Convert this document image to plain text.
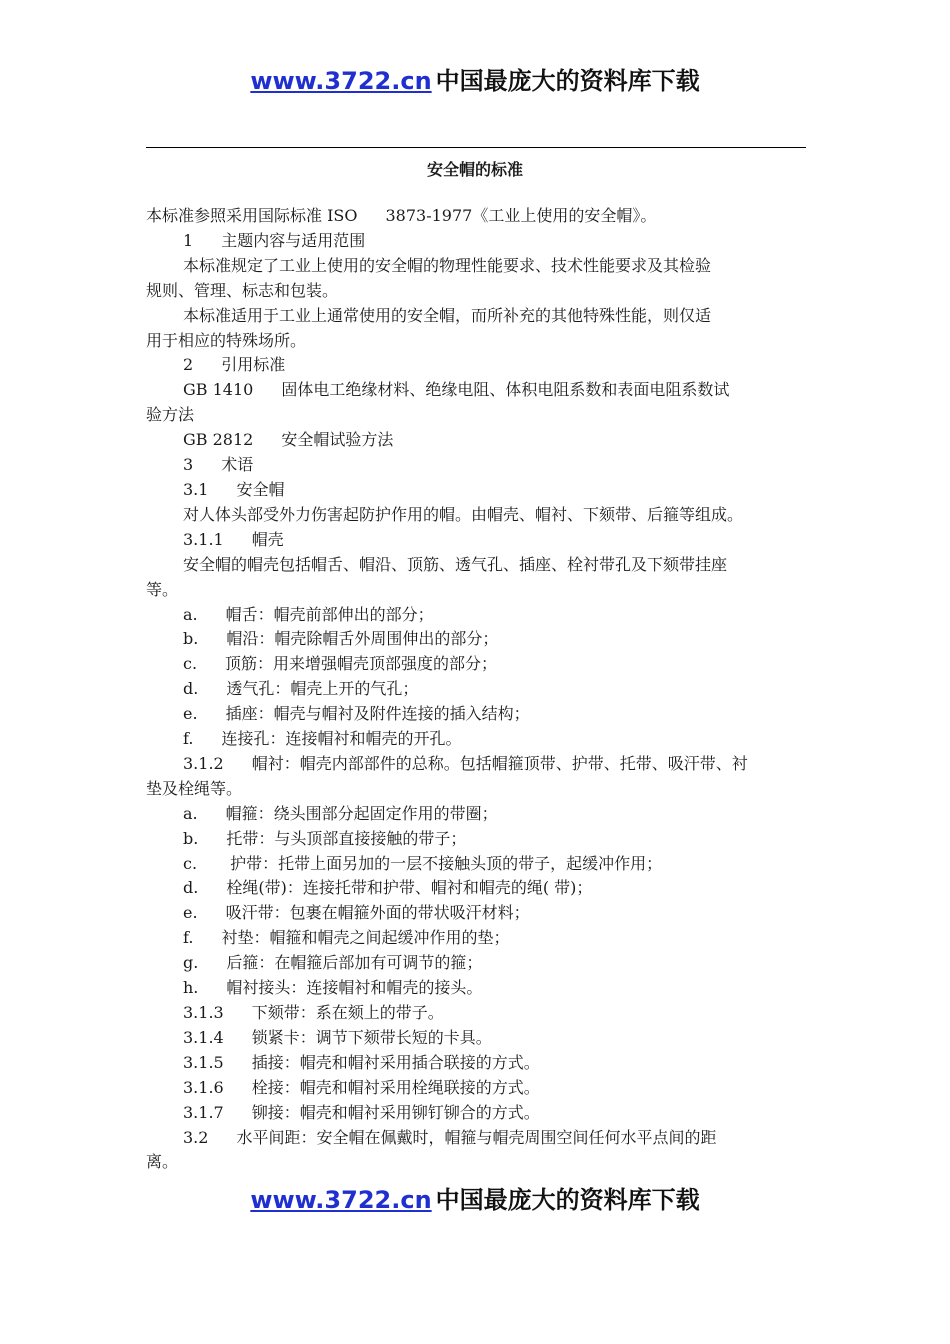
www.3722.cn 中国最庞大的资料库下载
安全帽的标准

本标准参照采用国际标准 ISO 3873-1977《工业上使用的安全帽》。

1 主题内容与适用范围

本标准规定了工业上使用的安全帽的物理性能要求、技术性能要求及其检验

规则、管理、标志和包装。

本标准适用于工业上通常使用的安全帽，而所补充的其他特殊性能，则仅适

用于相应的特殊场所。

2 引用标准

GB 1410 固体电工绝缘材料、绝缘电阻、体积电阻系数和表面电阻系数试

验方法

GB 2812 安全帽试验方法

3 术语

3.1 安全帽

对人体头部受外力伤害起防护作用的帽。由帽壳、帽衬、下颏带、后箍等组成。

3.1.1 帽壳

安全帽的帽壳包括帽舌、帽沿、顶筋、透气孔、插座、栓衬带孔及下颏带挂座

等。

a. 帽舌：帽壳前部伸出的部分；

b. 帽沿：帽壳除帽舌外周围伸出的部分；

c. 顶筋：用来增强帽壳顶部强度的部分；

d. 透气孔：帽壳上开的气孔；

e. 插座：帽壳与帽衬及附件连接的插入结构；

f. 连接孔：连接帽衬和帽壳的开孔。

3.1.2 帽衬：帽壳内部部件的总称。包括帽箍顶带、护带、托带、吸汗带、衬

垫及栓绳等。

a. 帽箍：绕头围部分起固定作用的带圈；

b. 托带：与头顶部直接接触的带子；

c. 护带：托带上面另加的一层不接触头顶的带子，起缓冲作用；

d. 栓绳(带)：连接托带和护带、帽衬和帽壳的绳( 带)；

e. 吸汗带：包裹在帽箍外面的带状吸汗材料；

f. 衬垫：帽箍和帽壳之间起缓冲作用的垫；

g. 后箍：在帽箍后部加有可调节的箍；

h. 帽衬接头：连接帽衬和帽壳的接头。

3.1.3 下颏带：系在颏上的带子。

3.1.4 锁紧卡：调节下颏带长短的卡具。

3.1.5 插接：帽壳和帽衬采用插合联接的方式。

3.1.6 栓接：帽壳和帽衬采用栓绳联接的方式。

3.1.7 铆接：帽壳和帽衬采用铆钉铆合的方式。

3.2 水平间距：安全帽在佩戴时，帽箍与帽壳周围空间任何水平点间的距

离。

www.3722.cn 中国最庞大的资料库下载
